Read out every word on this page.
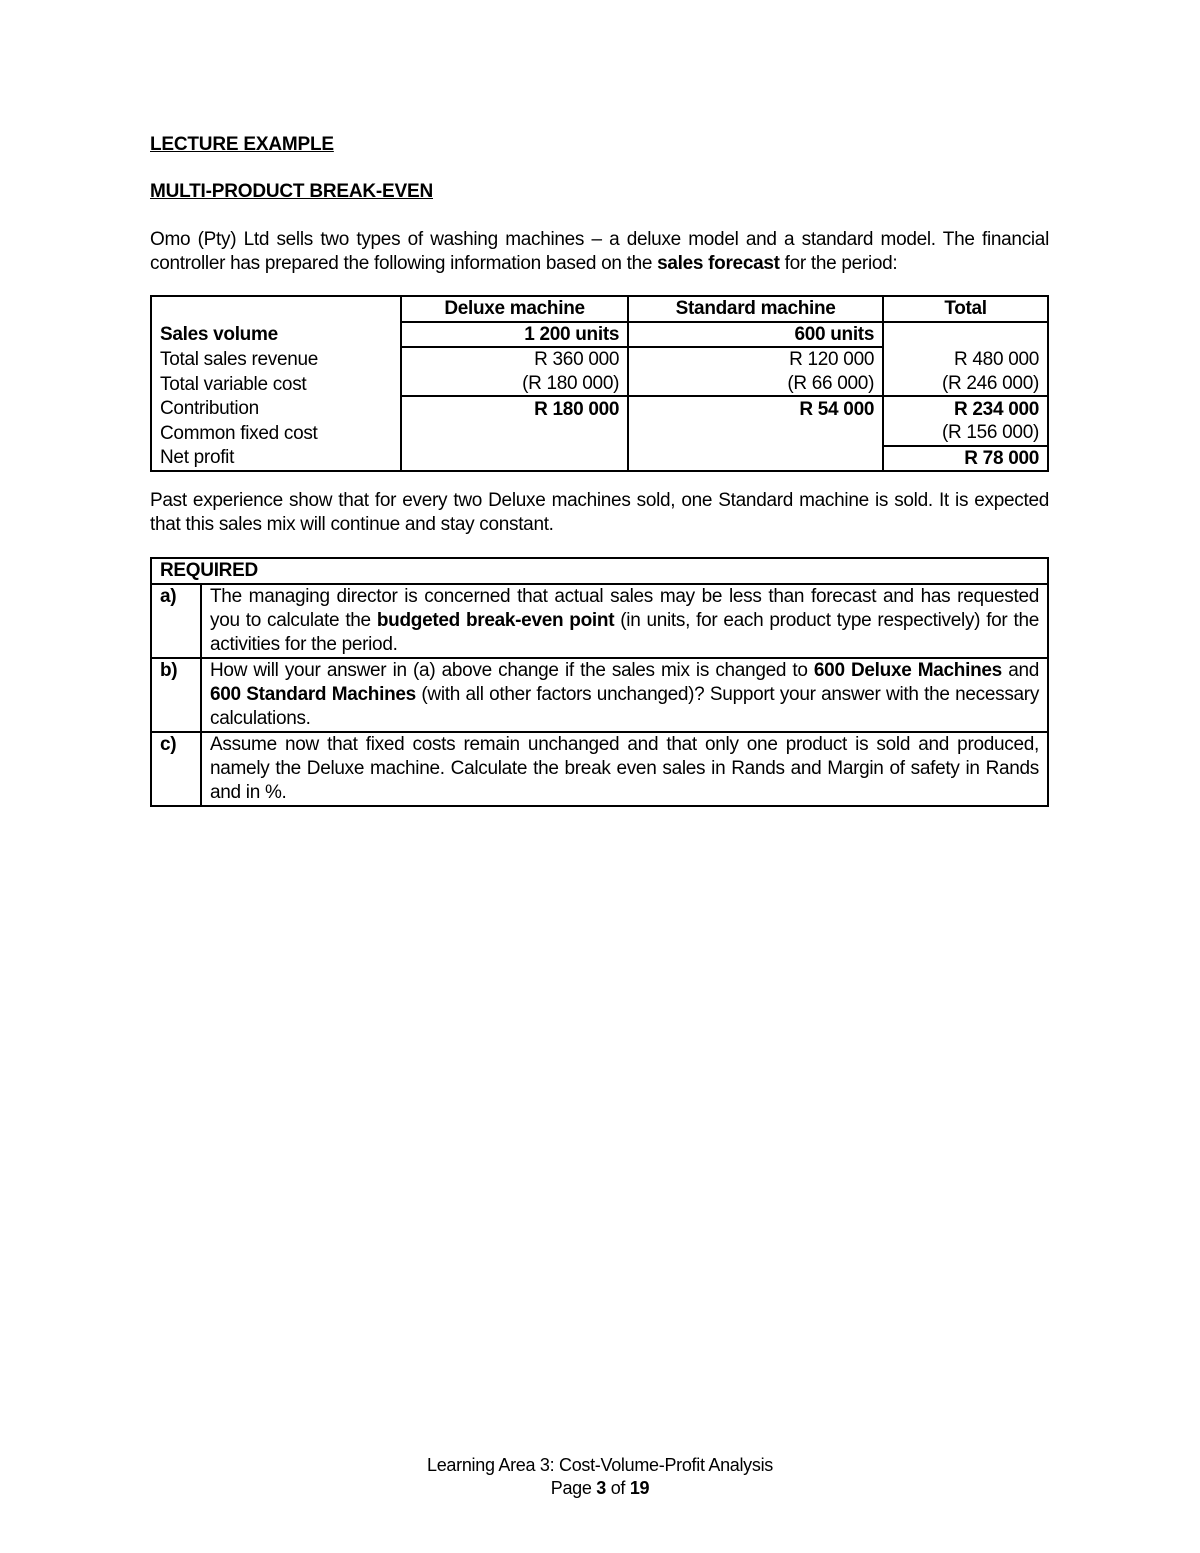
LECTURE EXAMPLE
MULTI-PRODUCT BREAK-EVEN
Omo (Pty) Ltd sells two types of washing machines – a deluxe model and a standard model. The financial controller has prepared the following information based on the sales forecast for the period:
	Deluxe machine	Standard machine	Total
Sales volume	1 200 units	600 units	
Total sales revenue	R 360 000	R 120 000	R 480 000
Total variable cost	(R 180 000)	(R 66 000)	(R 246 000)
Contribution	R 180 000	R 54 000	R 234 000
Common fixed cost			(R 156 000)
Net profit			R 78 000
Past experience show that for every two Deluxe machines sold, one Standard machine is sold. It is expected that this sales mix will continue and stay constant.
REQUIRED	
a)	The managing director is concerned that actual sales may be less than forecast and has requested you to calculate the budgeted break-even point (in units, for each product type respectively) for the activities for the period.
b)	How will your answer in (a) above change if the sales mix is changed to 600 Deluxe Machines and 600 Standard Machines (with all other factors unchanged)? Support your answer with the necessary calculations.
c)	Assume now that fixed costs remain unchanged and that only one product is sold and produced, namely the Deluxe machine. Calculate the break even sales in Rands and Margin of safety in Rands and in %.
Learning Area 3: Cost-Volume-Profit Analysis
Page 3 of 19
